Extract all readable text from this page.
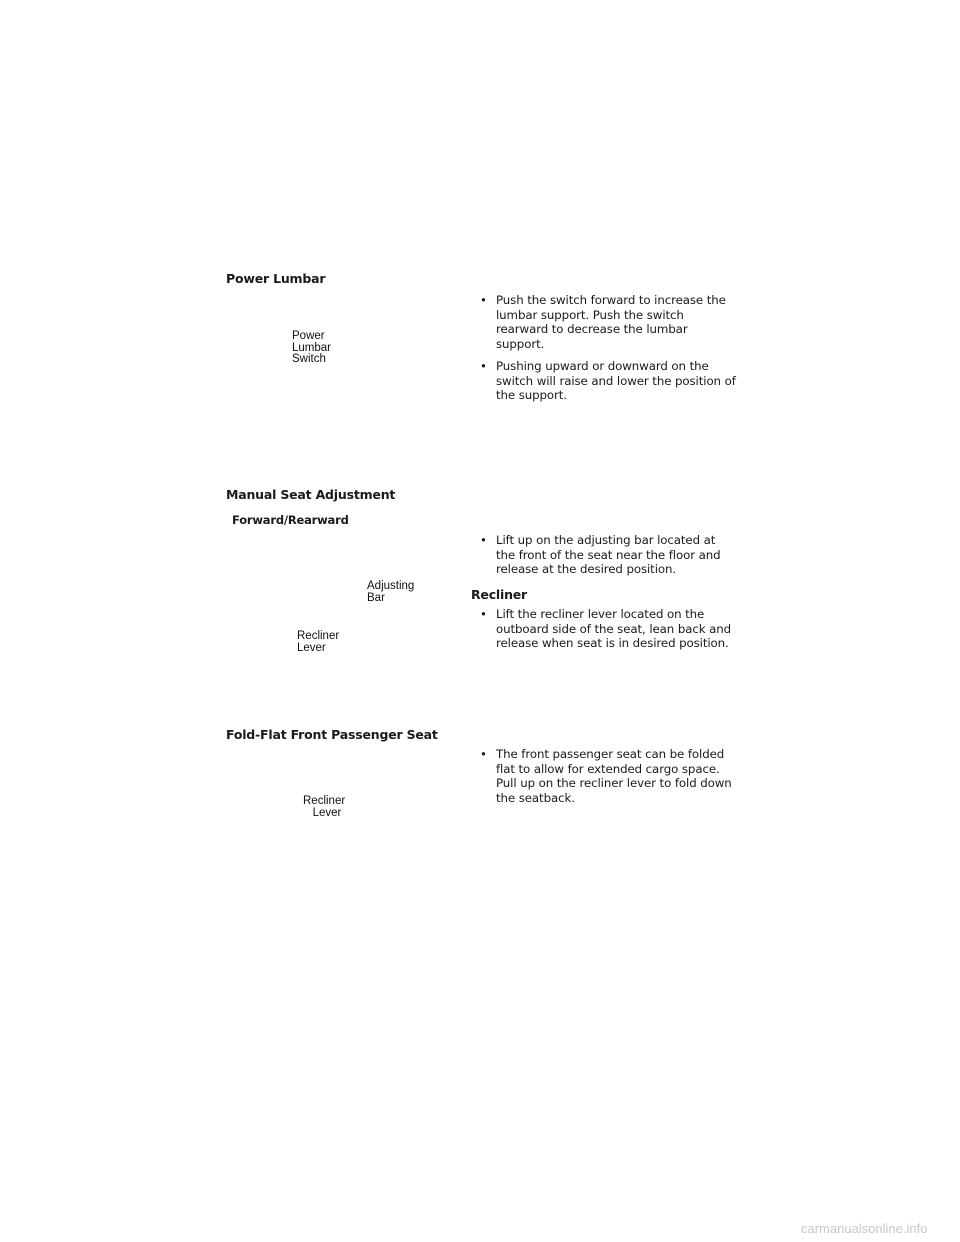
Power Lumbar
Power
Lumbar
Switch
• Push the switch forward to increase the lumbar support. Push the switch rearward to decrease the lumbar support.
• Pushing upward or downward on the switch will raise and lower the position of the support.
Manual Seat Adjustment
Forward/Rearward
Adjusting
Bar
Recliner
Lever
• Lift up on the adjusting bar located at the front of the seat near the floor and release at the desired position.
Recliner
• Lift the recliner lever located on the outboard side of the seat, lean back and release when seat is in desired position.
Fold-Flat Front Passenger Seat
Recliner
Lever
• The front passenger seat can be folded flat to allow for extended cargo space. Pull up on the recliner lever to fold down the seatback.
carmanualsonline.info
